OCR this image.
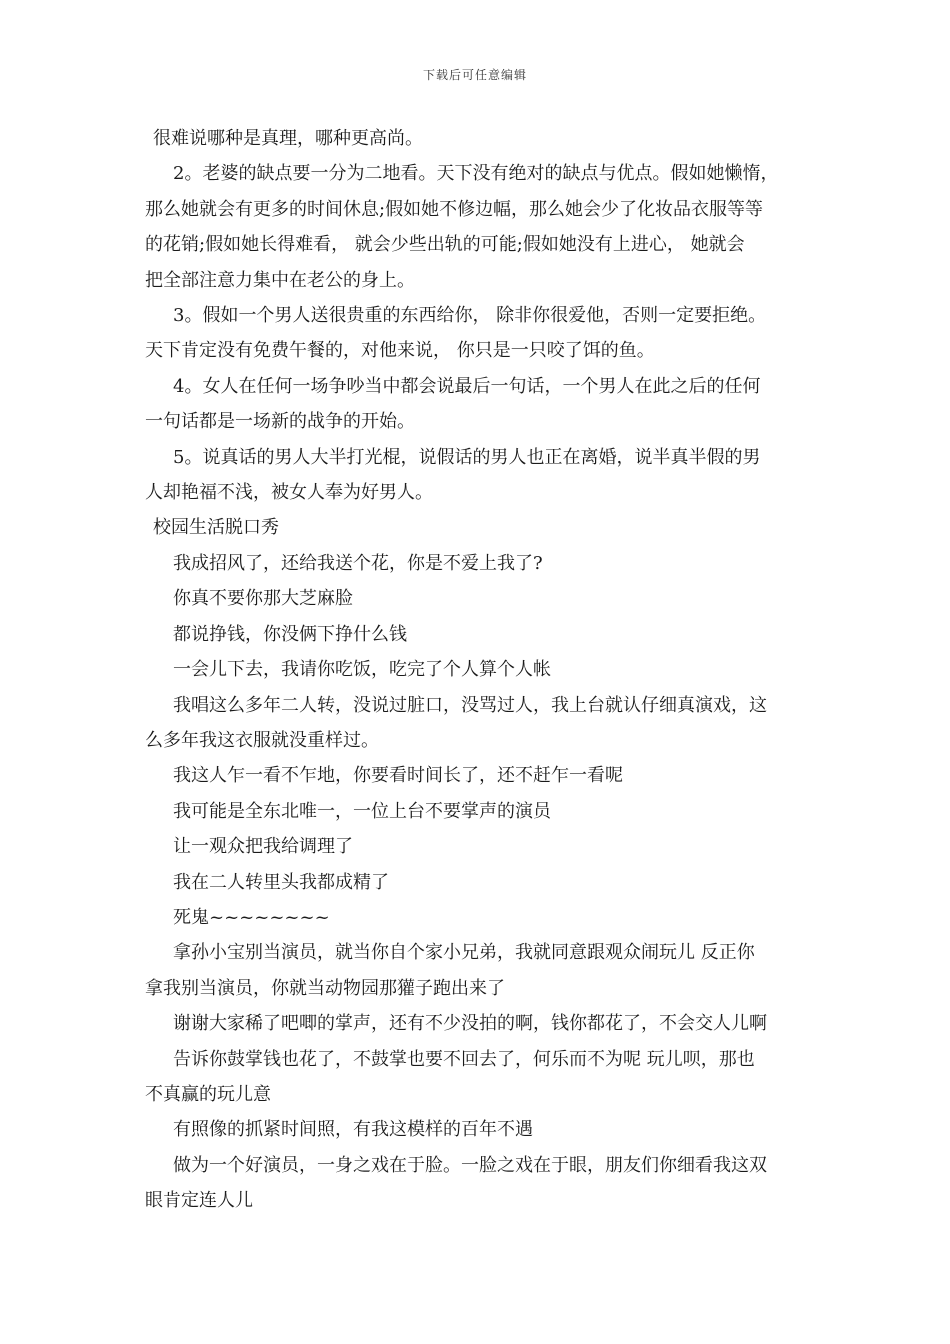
下载后可任意编辑

很难说哪种是真理，哪种更高尚。

2。老婆的缺点要一分为二地看。天下没有绝对的缺点与优点。假如她懒惰，

那么她就会有更多的时间休息;假如她不修边幅，那么她会少了化妆品衣服等等

的花销;假如她长得难看， 就会少些出轨的可能;假如她没有上进心， 她就会

把全部注意力集中在老公的身上。

3。假如一个男人送很贵重的东西给你， 除非你很爱他，否则一定要拒绝。

天下肯定没有免费午餐的，对他来说， 你只是一只咬了饵的鱼。

4。女人在任何一场争吵当中都会说最后一句话，一个男人在此之后的任何

一句话都是一场新的战争的开始。

5。说真话的男人大半打光棍，说假话的男人也正在离婚，说半真半假的男

人却艳福不浅，被女人奉为好男人。

校园生活脱口秀

我成招风了，还给我送个花，你是不爱上我了?

你真不要你那大芝麻脸

都说挣钱，你没俩下挣什么钱

一会儿下去，我请你吃饭，吃完了个人算个人帐

我唱这么多年二人转，没说过脏口，没骂过人，我上台就认仔细真演戏，这

么多年我这衣服就没重样过。

我这人乍一看不乍地，你要看时间长了，还不赶乍一看呢

我可能是全东北唯一，一位上台不要掌声的演员

让一观众把我给调理了

我在二人转里头我都成精了

死鬼~~~~~~~~

拿孙小宝别当演员，就当你自个家小兄弟，我就同意跟观众闹玩儿 反正你

拿我别当演员，你就当动物园那獾子跑出来了

谢谢大家稀了吧唧的掌声，还有不少没拍的啊，钱你都花了，不会交人儿啊

告诉你鼓掌钱也花了，不鼓掌也要不回去了，何乐而不为呢 玩儿呗，那也

不真赢的玩儿意

有照像的抓紧时间照，有我这模样的百年不遇

做为一个好演员，一身之戏在于脸。一脸之戏在于眼，朋友们你细看我这双

眼肯定连人儿
